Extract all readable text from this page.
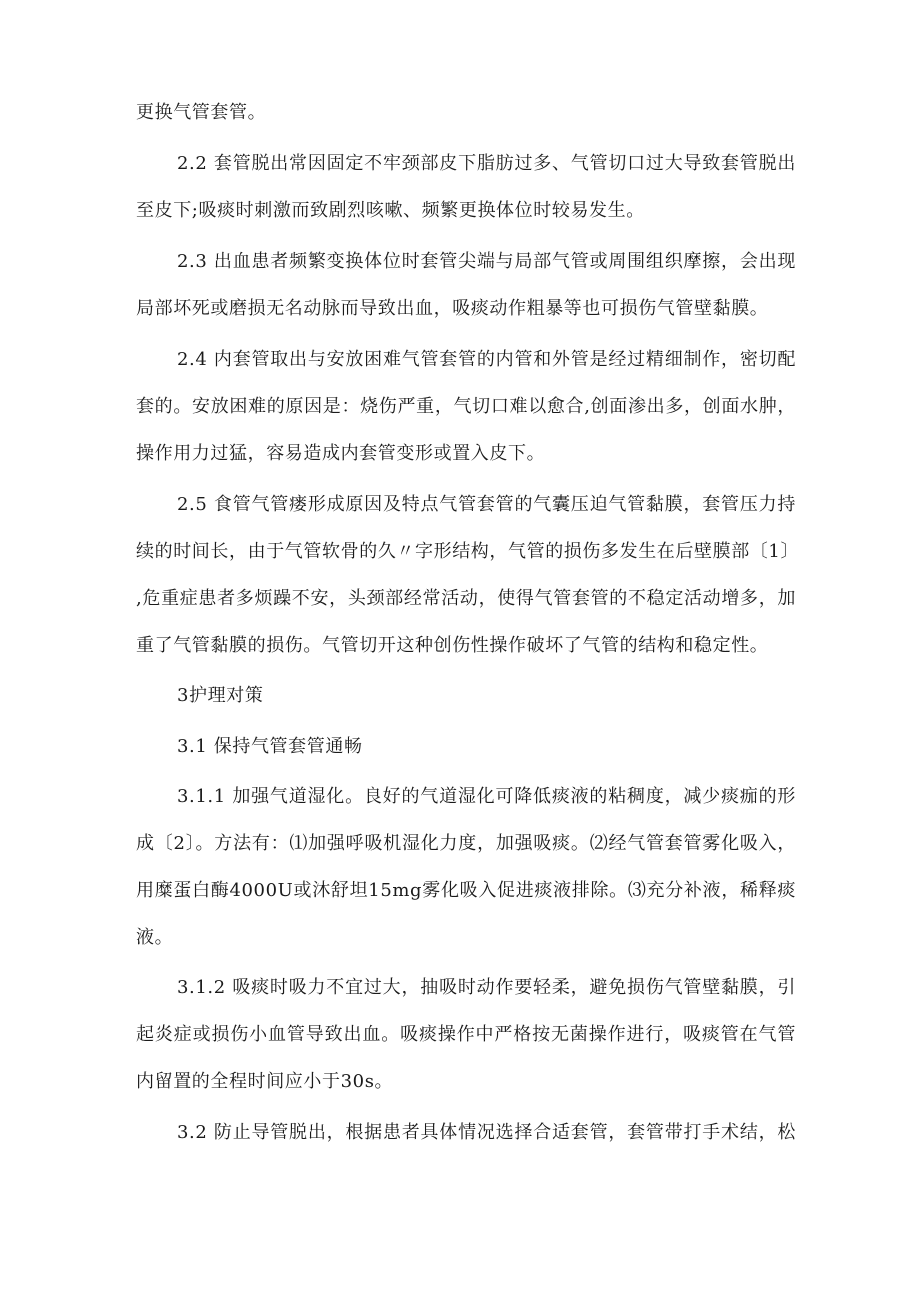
更换气管套管。
2.2 套管脱出常因固定不牢颈部皮下脂肪过多、气管切口过大导致套管脱出
至皮下;吸痰时刺激而致剧烈咳嗽、频繁更换体位时较易发生。
2.3 出血患者频繁变换体位时套管尖端与局部气管或周围组织摩擦，会出现
局部坏死或磨损无名动脉而导致出血，吸痰动作粗暴等也可损伤气管壁黏膜。
2.4 内套管取出与安放困难气管套管的内管和外管是经过精细制作，密切配
套的。安放困难的原因是：烧伤严重，气切口难以愈合,创面渗出多，创面水肿，
操作用力过猛，容易造成内套管变形或置入皮下。
2.5 食管气管瘘形成原因及特点气管套管的气囊压迫气管黏膜，套管压力持
续的时间长，由于气管软骨的久〃字形结构，气管的损伤多发生在后壁膜部〔1〕
,危重症患者多烦躁不安，头颈部经常活动，使得气管套管的不稳定活动增多，加
重了气管黏膜的损伤。气管切开这种创伤性操作破坏了气管的结构和稳定性。
3护理对策
3.1 保持气管套管通畅
3.1.1 加强气道湿化。良好的气道湿化可降低痰液的粘稠度，减少痰痂的形
成〔2〕。方法有：⑴加强呼吸机湿化力度，加强吸痰。⑵经气管套管雾化吸入，
用糜蛋白酶4000U或沐舒坦15mg雾化吸入促进痰液排除。⑶充分补液，稀释痰
液。
3.1.2 吸痰时吸力不宜过大，抽吸时动作要轻柔，避免损伤气管壁黏膜，引
起炎症或损伤小血管导致出血。吸痰操作中严格按无菌操作进行，吸痰管在气管
内留置的全程时间应小于30s。
3.2 防止导管脱出，根据患者具体情况选择合适套管，套管带打手术结，松
